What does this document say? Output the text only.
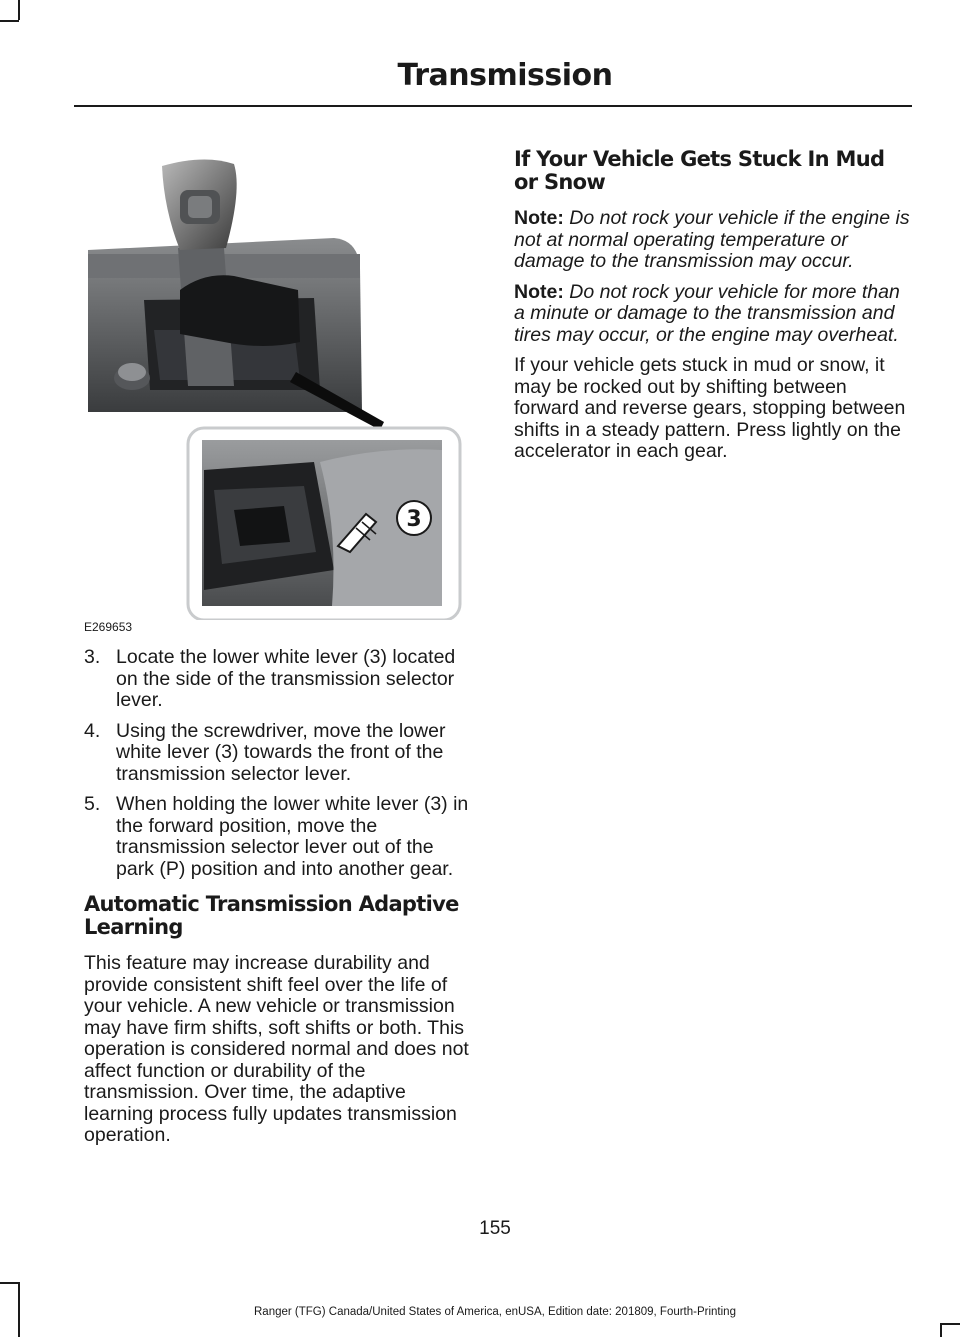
Transmission
3
E269653
3. Locate the lower white lever (3) located on the side of the transmission selector lever.
4. Using the screwdriver, move the lower white lever (3) towards the front of the transmission selector lever.
5. When holding the lower white lever (3) in the forward position, move the transmission selector lever out of the park (P) position and into another gear.
Automatic Transmission Adaptive Learning

This feature may increase durability and provide consistent shift feel over the life of your vehicle. A new vehicle or transmission may have firm shifts, soft shifts or both. This operation is considered normal and does not affect function or durability of the transmission. Over time, the adaptive learning process fully updates transmission operation.

If Your Vehicle Gets Stuck In Mud or Snow

Note: Do not rock your vehicle if the engine is not at normal operating temperature or damage to the transmission may occur.

Note: Do not rock your vehicle for more than a minute or damage to the transmission and tires may occur, or the engine may overheat.

If your vehicle gets stuck in mud or snow, it may be rocked out by shifting between forward and reverse gears, stopping between shifts in a steady pattern. Press lightly on the accelerator in each gear.

155
Ranger (TFG) Canada/United States of America, enUSA, Edition date: 201809, Fourth-Printing
